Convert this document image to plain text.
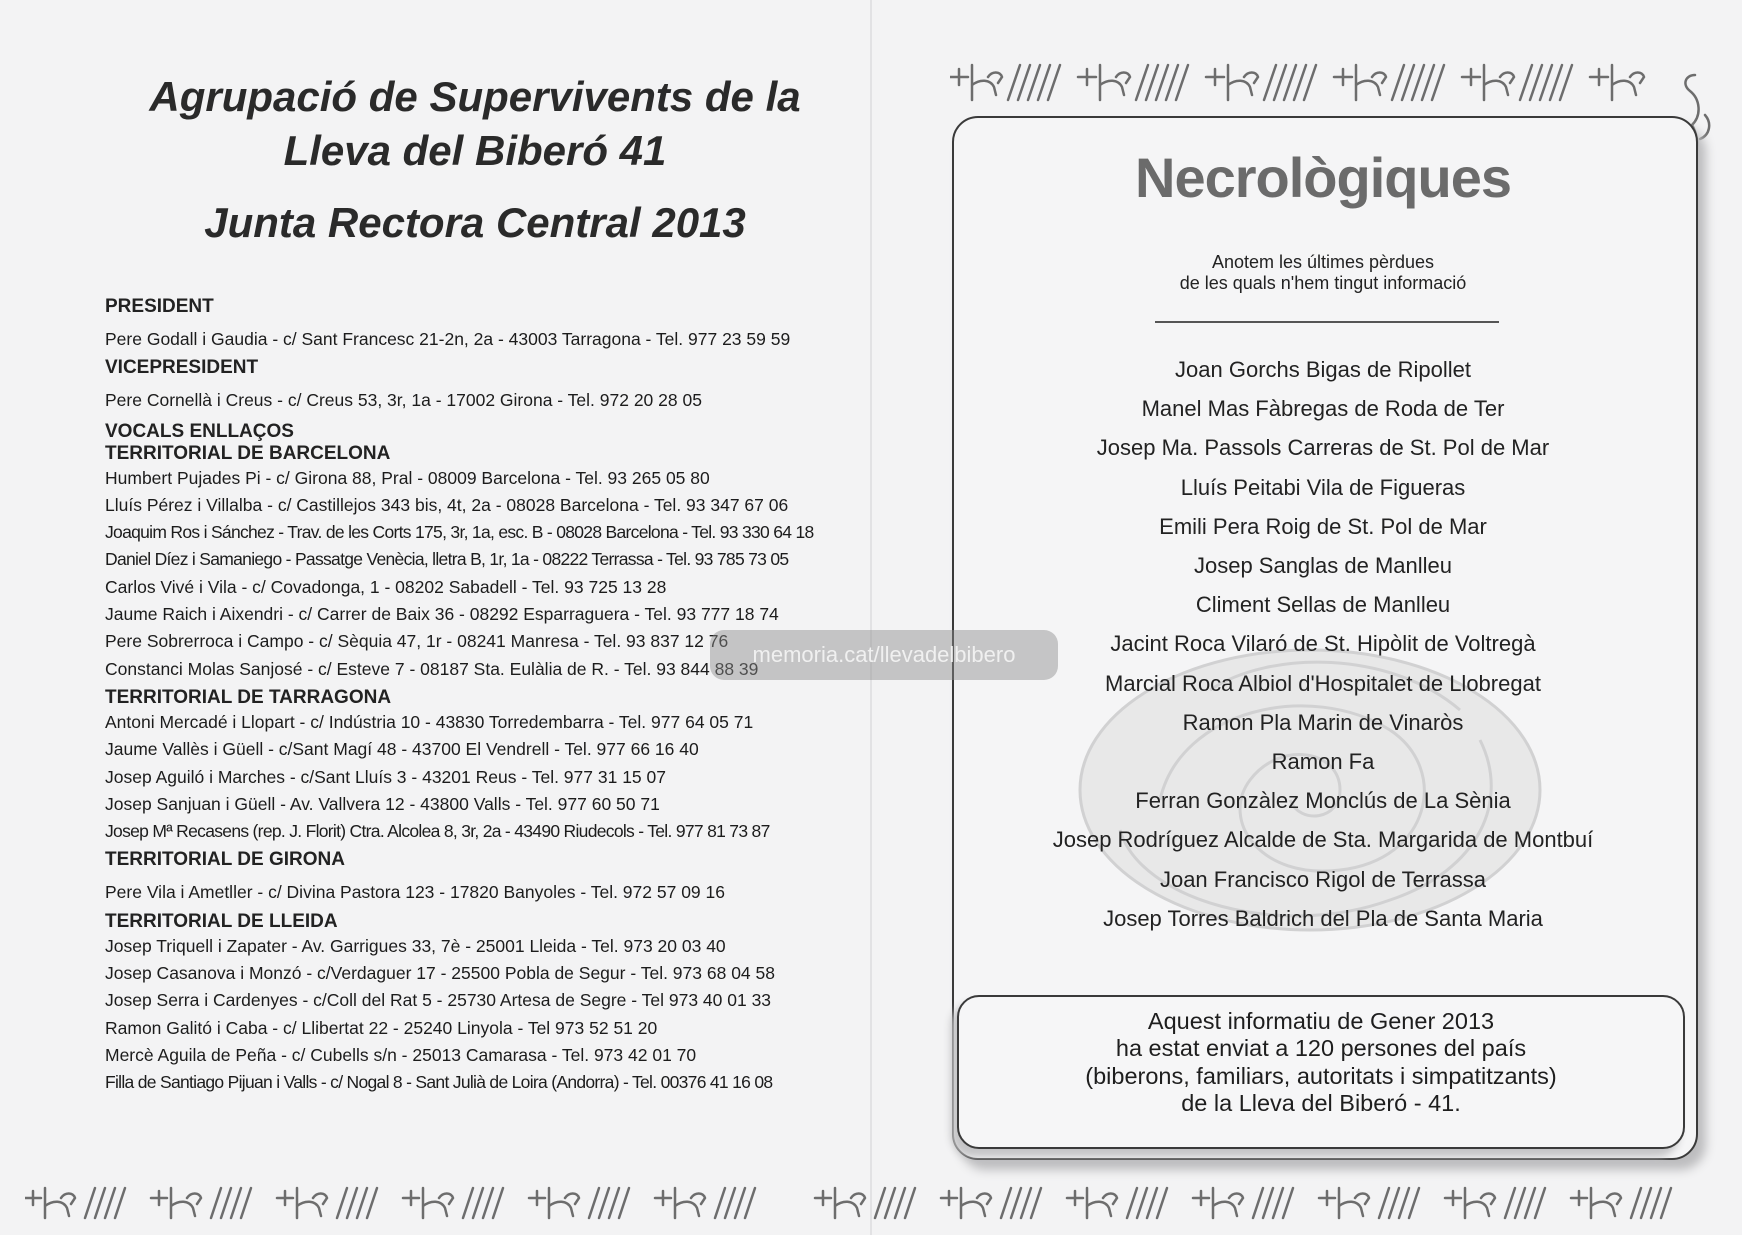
Agrupació de Supervivents de la
Lleva del Biberó 41
Junta Rectora Central 2013
PRESIDENT
Pere Godall i Gaudia - c/ Sant Francesc 21-2n, 2a - 43003 Tarragona - Tel. 977 23 59 59
VICEPRESIDENT
Pere Cornellà i Creus - c/ Creus 53, 3r, 1a - 17002 Girona - Tel. 972 20 28 05
VOCALS ENLLAÇOS
TERRITORIAL DE BARCELONA
Humbert Pujades Pi - c/ Girona 88, Pral - 08009 Barcelona - Tel. 93 265 05 80
Lluís Pérez i Villalba - c/ Castillejos 343 bis, 4t, 2a - 08028 Barcelona - Tel. 93 347 67 06
Joaquim Ros i Sánchez - Trav. de les Corts 175, 3r, 1a, esc. B - 08028 Barcelona - Tel. 93 330 64 18
Daniel Díez i Samaniego - Passatge Venècia, lletra B, 1r, 1a - 08222 Terrassa - Tel. 93 785 73 05
Carlos Vivé i Vila - c/ Covadonga, 1 - 08202 Sabadell - Tel. 93 725 13 28
Jaume Raich i Aixendri - c/ Carrer de Baix 36 - 08292 Esparraguera - Tel. 93 777 18 74
Pere Sobrerroca i Campo - c/ Sèquia 47, 1r - 08241 Manresa - Tel. 93 837 12 76
Constanci Molas Sanjosé - c/ Esteve 7 - 08187 Sta. Eulàlia de R. - Tel. 93 844 88 39
TERRITORIAL DE TARRAGONA
Antoni Mercadé i Llopart - c/ Indústria 10 - 43830 Torredembarra - Tel. 977 64 05 71
Jaume Vallès i Güell - c/Sant Magí 48 - 43700 El Vendrell - Tel. 977 66 16 40
Josep Aguiló i Marches - c/Sant Lluís 3 - 43201 Reus - Tel. 977 31 15 07
Josep Sanjuan i Güell - Av. Vallvera 12 - 43800 Valls - Tel. 977 60 50 71
Josep Mª Recasens (rep. J. Florit) Ctra. Alcolea 8, 3r, 2a - 43490 Riudecols - Tel. 977 81 73 87
TERRITORIAL DE GIRONA
Pere Vila i Ametller - c/ Divina Pastora 123 - 17820 Banyoles - Tel. 972 57 09 16
TERRITORIAL DE LLEIDA
Josep Triquell i Zapater - Av. Garrigues 33, 7è - 25001 Lleida - Tel. 973 20 03 40
Josep Casanova i Monzó - c/Verdaguer 17 - 25500 Pobla de Segur - Tel. 973 68 04 58
Josep Serra i Cardenyes - c/Coll del Rat 5 - 25730 Artesa de Segre - Tel 973 40 01 33
Ramon Galitó i Caba - c/ Llibertat 22 - 25240 Linyola - Tel 973 52 51 20
Mercè Aguila de Peña - c/ Cubells s/n - 25013 Camarasa - Tel. 973 42 01 70
Filla de Santiago Pijuan i Valls - c/ Nogal 8 - Sant Julià de Loira (Andorra) - Tel. 00376 41 16 08
Necrològiques
Anotem les últimes pèrdues
de les quals n'hem tingut informació
Joan Gorchs Bigas de Ripollet
Manel Mas Fàbregas de Roda de Ter
Josep Ma. Passols Carreras de St. Pol de Mar
Lluís Peitabi Vila de Figueras
Emili Pera Roig de St. Pol de Mar
Josep Sanglas de Manlleu
Climent Sellas de Manlleu
Jacint Roca Vilaró de St. Hipòlit de Voltregà
Marcial Roca Albiol d'Hospitalet de Llobregat
Ramon Pla Marin de Vinaròs
Ramon Fa
Ferran Gonzàlez Monclús de La Sènia
Josep Rodríguez Alcalde de Sta. Margarida de Montbuí
Joan Francisco Rigol de Terrassa
Josep Torres Baldrich del Pla de Santa Maria
Aquest informatiu de Gener 2013
ha estat enviat a 120 persones del país
(biberons, familiars, autoritats i simpatitzants)
de la Lleva del Biberó - 41.
memoria.cat/llevadelbibero
